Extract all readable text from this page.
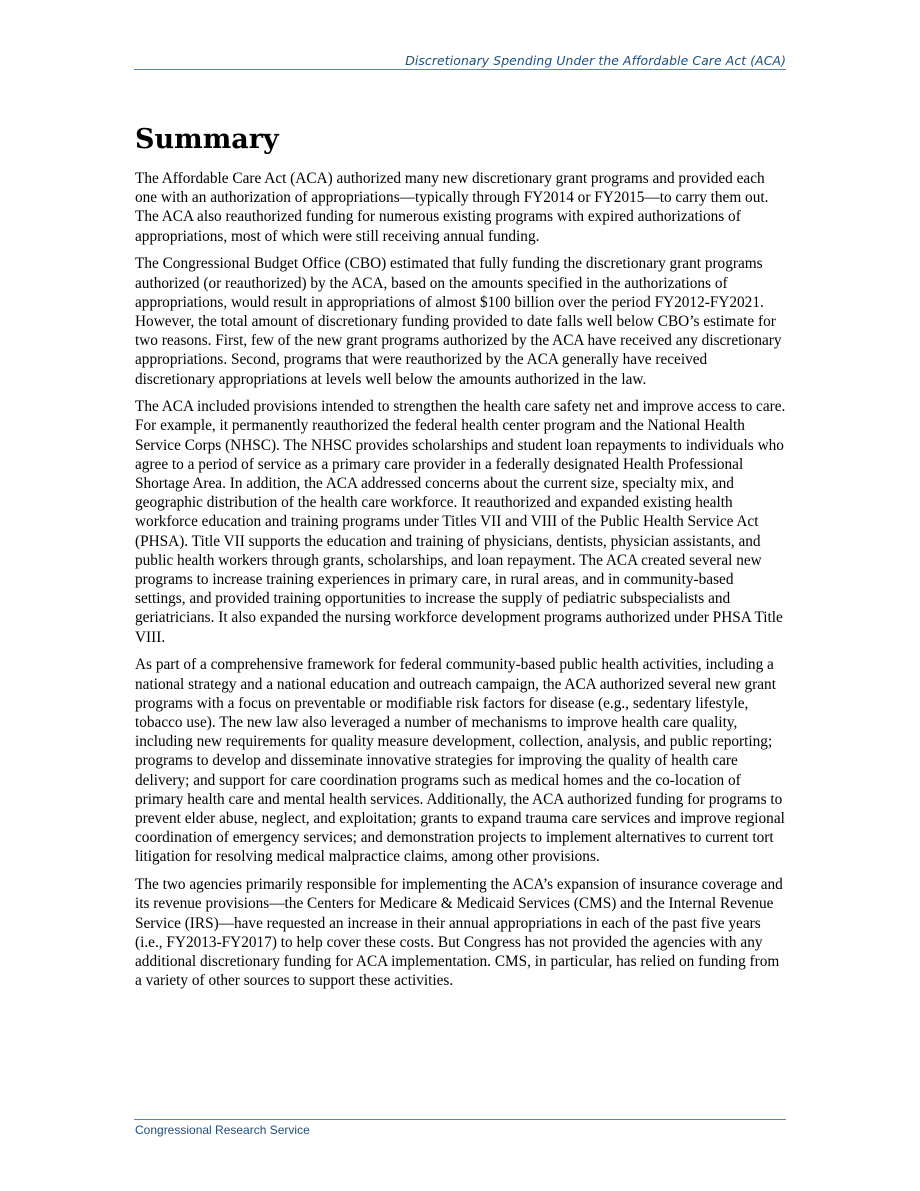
Discretionary Spending Under the Affordable Care Act (ACA)
Summary

The Affordable Care Act (ACA) authorized many new discretionary grant programs and provided each one with an authorization of appropriations—typically through FY2014 or FY2015—to carry them out. The ACA also reauthorized funding for numerous existing programs with expired authorizations of appropriations, most of which were still receiving annual funding.

The Congressional Budget Office (CBO) estimated that fully funding the discretionary grant programs authorized (or reauthorized) by the ACA, based on the amounts specified in the authorizations of appropriations, would result in appropriations of almost $100 billion over the period FY2012-FY2021. However, the total amount of discretionary funding provided to date falls well below CBO’s estimate for two reasons. First, few of the new grant programs authorized by the ACA have received any discretionary appropriations. Second, programs that were reauthorized by the ACA generally have received discretionary appropriations at levels well below the amounts authorized in the law.

The ACA included provisions intended to strengthen the health care safety net and improve access to care. For example, it permanently reauthorized the federal health center program and the National Health Service Corps (NHSC). The NHSC provides scholarships and student loan repayments to individuals who agree to a period of service as a primary care provider in a federally designated Health Professional Shortage Area. In addition, the ACA addressed concerns about the current size, specialty mix, and geographic distribution of the health care workforce. It reauthorized and expanded existing health workforce education and training programs under Titles VII and VIII of the Public Health Service Act (PHSA). Title VII supports the education and training of physicians, dentists, physician assistants, and public health workers through grants, scholarships, and loan repayment. The ACA created several new programs to increase training experiences in primary care, in rural areas, and in community-based settings, and provided training opportunities to increase the supply of pediatric subspecialists and geriatricians. It also expanded the nursing workforce development programs authorized under PHSA Title VIII.

As part of a comprehensive framework for federal community-based public health activities, including a national strategy and a national education and outreach campaign, the ACA authorized several new grant programs with a focus on preventable or modifiable risk factors for disease (e.g., sedentary lifestyle, tobacco use). The new law also leveraged a number of mechanisms to improve health care quality, including new requirements for quality measure development, collection, analysis, and public reporting; programs to develop and disseminate innovative strategies for improving the quality of health care delivery; and support for care coordination programs such as medical homes and the co-location of primary health care and mental health services. Additionally, the ACA authorized funding for programs to prevent elder abuse, neglect, and exploitation; grants to expand trauma care services and improve regional coordination of emergency services; and demonstration projects to implement alternatives to current tort litigation for resolving medical malpractice claims, among other provisions.

The two agencies primarily responsible for implementing the ACA’s expansion of insurance coverage and its revenue provisions—the Centers for Medicare & Medicaid Services (CMS) and the Internal Revenue Service (IRS)—have requested an increase in their annual appropriations in each of the past five years (i.e., FY2013-FY2017) to help cover these costs. But Congress has not provided the agencies with any additional discretionary funding for ACA implementation. CMS, in particular, has relied on funding from a variety of other sources to support these activities.

Congressional Research Service
